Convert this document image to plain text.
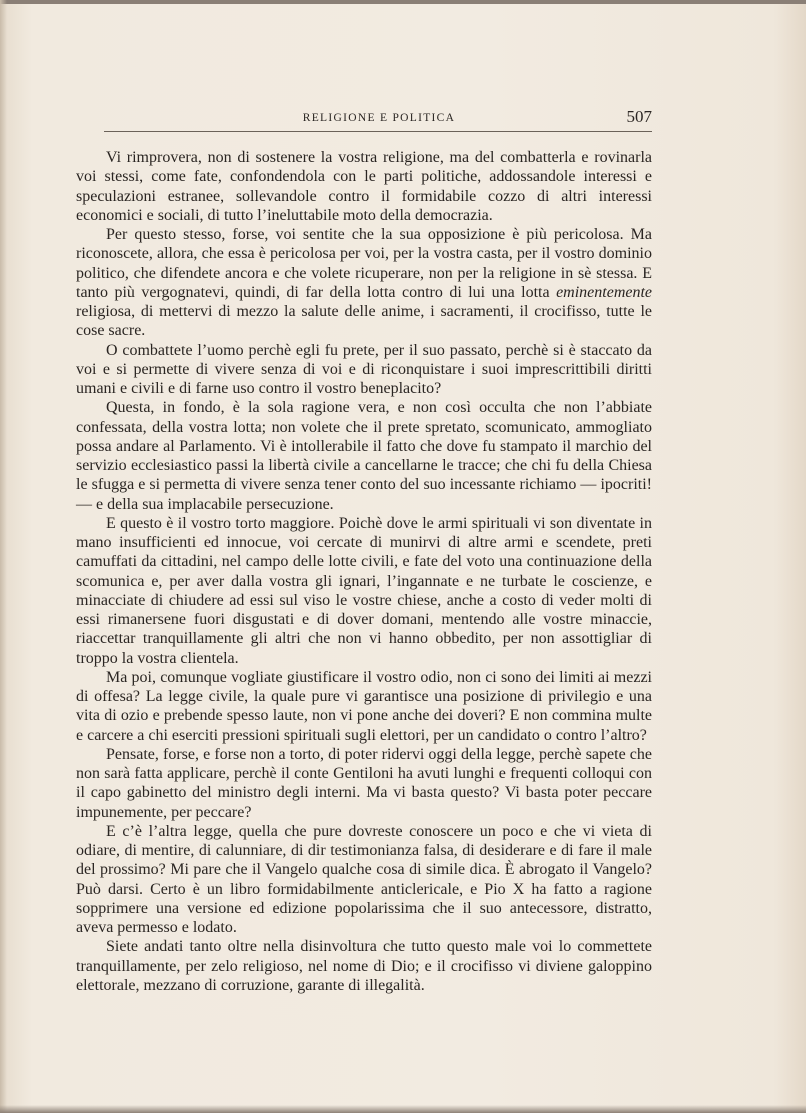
RELIGIONE E POLITICA	507

Vi rimprovera, non di sostenere la vostra religione, ma del combatterla e rovinarla voi stessi, come fate, confondendola con le parti politiche, addossandole interessi e speculazioni estranee, sollevandole contro il formidabile cozzo di altri interessi economici e sociali, di tutto l’ineluttabile moto della democrazia.

Per questo stesso, forse, voi sentite che la sua opposizione è più pericolosa. Ma riconoscete, allora, che essa è pericolosa per voi, per la vostra casta, per il vostro dominio politico, che difendete ancora e che volete ricuperare, non per la religione in sè stessa. E tanto più vergognatevi, quindi, di far della lotta contro di lui una lotta eminentemente religiosa, di mettervi di mezzo la salute delle anime, i sacramenti, il crocifisso, tutte le cose sacre.

O combattete l’uomo perchè egli fu prete, per il suo passato, perchè si è staccato da voi e si permette di vivere senza di voi e di riconquistare i suoi imprescrittibili diritti umani e civili e di farne uso contro il vostro beneplacito?

Questa, in fondo, è la sola ragione vera, e non così occulta che non l’abbiate confessata, della vostra lotta; non volete che il prete spretato, scomunicato, ammogliato possa andare al Parlamento. Vi è intollerabile il fatto che dove fu stampato il marchio del servizio ecclesiastico passi la libertà civile a cancellarne le tracce; che chi fu della Chiesa le sfugga e si permetta di vivere senza tener conto del suo incessante richiamo — ipocriti! — e della sua implacabile persecuzione.

E questo è il vostro torto maggiore. Poichè dove le armi spirituali vi son diventate in mano insufficienti ed innocue, voi cercate di munirvi di altre armi e scendete, preti camuffati da cittadini, nel campo delle lotte civili, e fate del voto una continuazione della scomunica e, per aver dalla vostra gli ignari, l’ingannate e ne turbate le coscienze, e minacciate di chiudere ad essi sul viso le vostre chiese, anche a costo di veder molti di essi rimanersene fuori disgustati e di dover domani, mentendo alle vostre minaccie, riaccettar tranquillamente gli altri che non vi hanno obbedito, per non assottigliar di troppo la vostra clientela.

Ma poi, comunque vogliate giustificare il vostro odio, non ci sono dei limiti ai mezzi di offesa? La legge civile, la quale pure vi garantisce una posizione di privilegio e una vita di ozio e prebende spesso laute, non vi pone anche dei doveri? E non commina multe e carcere a chi eserciti pressioni spirituali sugli elettori, per un candidato o contro l’altro?

Pensate, forse, e forse non a torto, di poter ridervi oggi della legge, perchè sapete che non sarà fatta applicare, perchè il conte Gentiloni ha avuti lunghi e frequenti colloqui con il capo gabinetto del ministro degli interni. Ma vi basta questo? Vi basta poter peccare impunemente, per peccare?

E c’è l’altra legge, quella che pure dovreste conoscere un poco e che vi vieta di odiare, di mentire, di calunniare, di dir testimonianza falsa, di desiderare e di fare il male del prossimo? Mi pare che il Vangelo qualche cosa di simile dica. È abrogato il Vangelo? Può darsi. Certo è un libro formidabilmente anticlericale, e Pio X ha fatto a ragione sopprimere una versione ed edizione popolarissima che il suo antecessore, distratto, aveva permesso e lodato.

Siete andati tanto oltre nella disinvoltura che tutto questo male voi lo commettete tranquillamente, per zelo religioso, nel nome di Dio; e il crocifisso vi diviene galoppino elettorale, mezzano di corruzione, garante di illegalità.
